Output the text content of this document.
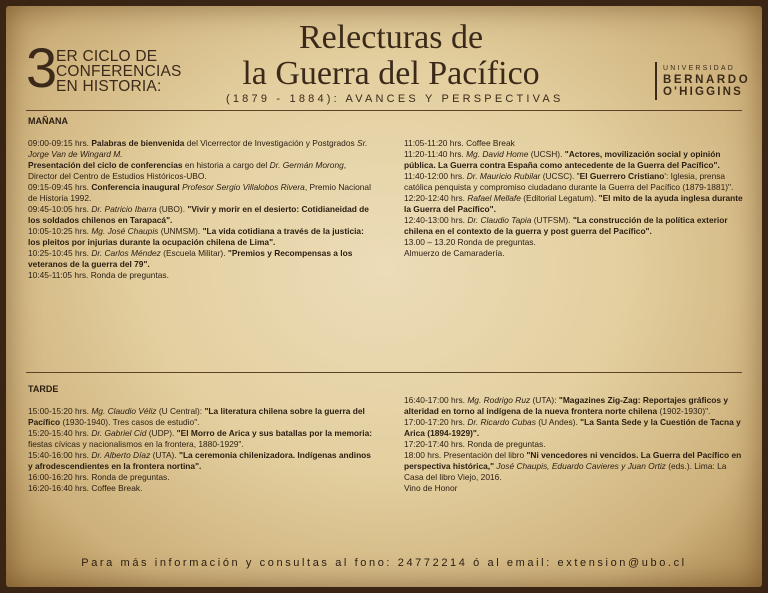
3
ER CICLO DE
CONFERENCIAS
EN HISTORIA:
Relecturas de
la Guerra del Pacífico
(1879 - 1884): AVANCES Y PERSPECTIVAS
UNIVERSIDAD
BERNARDO
O'HIGGINS
MAÑANA

09:00-09:15 hrs. Palabras de bienvenida del Vicerrector de Investigación y Postgrados Sr. Jorge Van de Wingard M.

Presentación del ciclo de conferencias en historia a cargo del Dr. Germán Morong, Director del Centro de Estudios Históricos-UBO.

09:15-09:45 hrs. Conferencia inaugural Profesor Sergio Villalobos Rivera, Premio Nacional de Historia 1992.

09:45-10:05 hrs. Dr. Patricio Ibarra (UBO). "Vivir y morir en el desierto: Cotidianeidad de los soldados chilenos en Tarapacá".

10:05-10:25 hrs. Mg. José Chaupis (UNMSM). "La vida cotidiana a través de la justicia: los pleitos por injurias durante la ocupación chilena de Lima".

10:25-10:45 hrs. Dr. Carlos Méndez (Escuela Militar). "Premios y Recompensas a los veteranos de la guerra del 79".

10:45-11:05 hrs. Ronda de preguntas.

11:05-11:20 hrs. Coffee Break

11:20-11:40 hrs. Mg. David Home (UCSH). "Actores, movilización social y opinión pública. La Guerra contra España como antecedente de la Guerra del Pacífico".

11:40-12:00 hrs. Dr. Mauricio Rubilar (UCSC). "El Guerrero Cristiano': Iglesia, prensa católica penquista y compromiso ciudadano durante la Guerra del Pacífico (1879-1881)".

12:20-12:40 hrs. Rafael Mellafe (Editorial Legatum). "El mito de la ayuda inglesa durante la Guerra del Pacífico".

12:40-13:00 hrs. Dr. Claudio Tapia (UTFSM). "La construcción de la política exterior chilena en el contexto de la guerra y post guerra del Pacífico".

13.00 – 13.20 Ronda de preguntas.

Almuerzo de Camaradería.

TARDE

15:00-15:20 hrs. Mg. Claudio Véliz (U Central): "La literatura chilena sobre la guerra del Pacífico (1930-1940). Tres casos de estudio".

15:20-15:40 hrs. Dr. Gabriel Cid (UDP). "El Morro de Arica y sus batallas por la memoria: fiestas cívicas y nacionalismos en la frontera, 1880-1929".

15:40-16:00 hrs. Dr. Alberto Díaz (UTA). "La ceremonia chilenizadora. Indígenas andinos y afrodescendientes en la frontera nortina".

16:00-16:20 hrs. Ronda de preguntas.

16:20-16:40 hrs. Coffee Break.

16:40-17:00 hrs. Mg. Rodrigo Ruz (UTA): "Magazines Zig-Zag: Reportajes gráficos y alteridad en torno al indígena de la nueva frontera norte chilena (1902-1930)".

17:00-17:20 hrs. Dr. Ricardo Cubas (U Andes). "La Santa Sede y la Cuestión de Tacna y Arica (1894-1929)".

17:20-17:40 hrs. Ronda de preguntas.

18:00 hrs. Presentación del libro "Ni vencedores ni vencidos. La Guerra del Pacífico en perspectiva histórica," José Chaupis, Eduardo Cavieres y Juan Ortiz (eds.). Lima: La Casa del libro Viejo, 2016.

Vino de Honor

Para más información y consultas al fono: 24772214 ó al email: extension@ubo.cl
